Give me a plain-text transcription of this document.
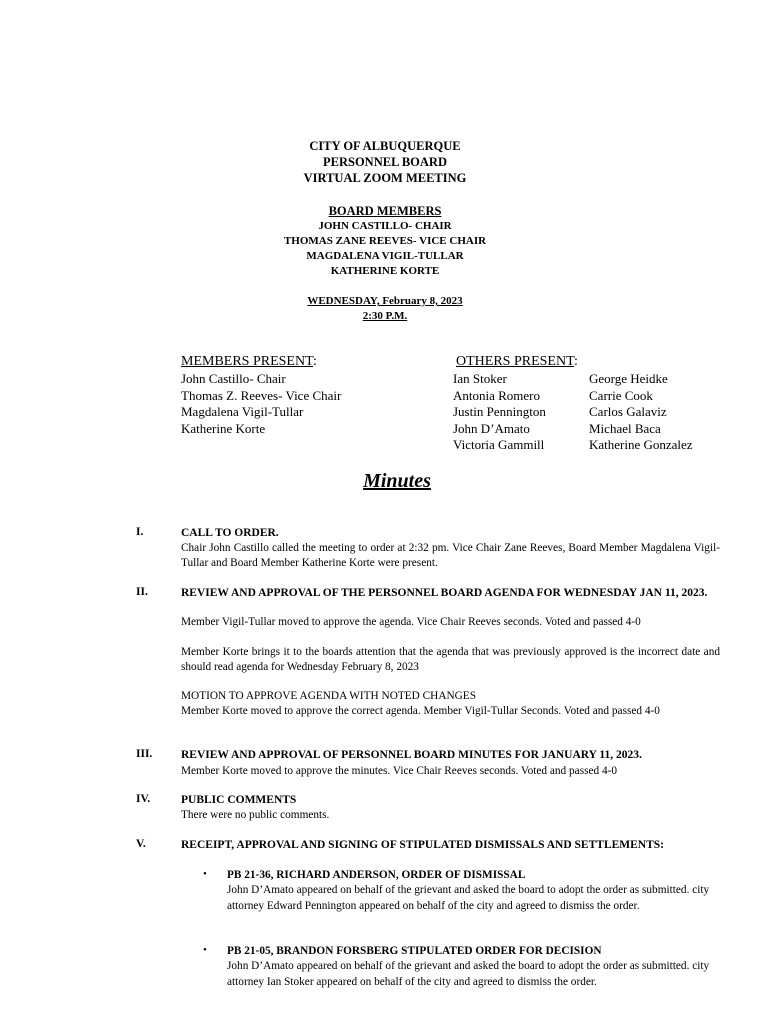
CITY OF ALBUQUERQUE
PERSONNEL BOARD
VIRTUAL ZOOM MEETING
BOARD MEMBERS
JOHN CASTILLO- CHAIR
THOMAS ZANE REEVES- VICE CHAIR
MAGDALENA VIGIL-TULLAR
KATHERINE KORTE
WEDNESDAY, February 8, 2023
2:30 P.M.
MEMBERS PRESENT:
John Castillo- Chair
Thomas Z. Reeves- Vice Chair
Magdalena Vigil-Tullar
Katherine Korte
OTHERS PRESENT:
Ian Stoker
Antonia Romero
Justin Pennington
John D’Amato
Victoria Gammill
George Heidke
Carrie Cook
Carlos Galaviz
Michael Baca
Katherine Gonzalez
Minutes
I.	CALL TO ORDER.
Chair John Castillo called the meeting to order at 2:32 pm. Vice Chair Zane Reeves, Board Member Magdalena Vigil-Tullar and Board Member Katherine Korte were present.
II.	REVIEW AND APPROVAL OF THE PERSONNEL BOARD AGENDA FOR WEDNESDAY JAN 11, 2023.
Member Vigil-Tullar moved to approve the agenda. Vice Chair Reeves seconds. Voted and passed 4-0
Member Korte brings it to the boards attention that the agenda that was previously approved is the incorrect date and should read agenda for Wednesday February 8, 2023
MOTION TO APPROVE AGENDA WITH NOTED CHANGES
Member Korte moved to approve the correct agenda. Member Vigil-Tullar Seconds. Voted and passed 4-0
III. REVIEW AND APPROVAL OF PERSONNEL BOARD MINUTES FOR JANUARY 11, 2023.
Member Korte moved to approve the minutes. Vice Chair Reeves seconds. Voted and passed 4-0
IV.	PUBLIC COMMENTS
There were no public comments.
V.	RECEIPT, APPROVAL AND SIGNING OF STIPULATED DISMISSALS AND SETTLEMENTS:
• PB 21-36, RICHARD ANDERSON, ORDER OF DISMISSAL
John D’Amato appeared on behalf of the grievant and asked the board to adopt the order as submitted. city attorney Edward Pennington appeared on behalf of the city and agreed to dismiss the order.
• PB 21-05, BRANDON FORSBERG STIPULATED ORDER FOR DECISION
John D’Amato appeared on behalf of the grievant and asked the board to adopt the order as submitted. city attorney Ian Stoker appeared on behalf of the city and agreed to dismiss the order.
